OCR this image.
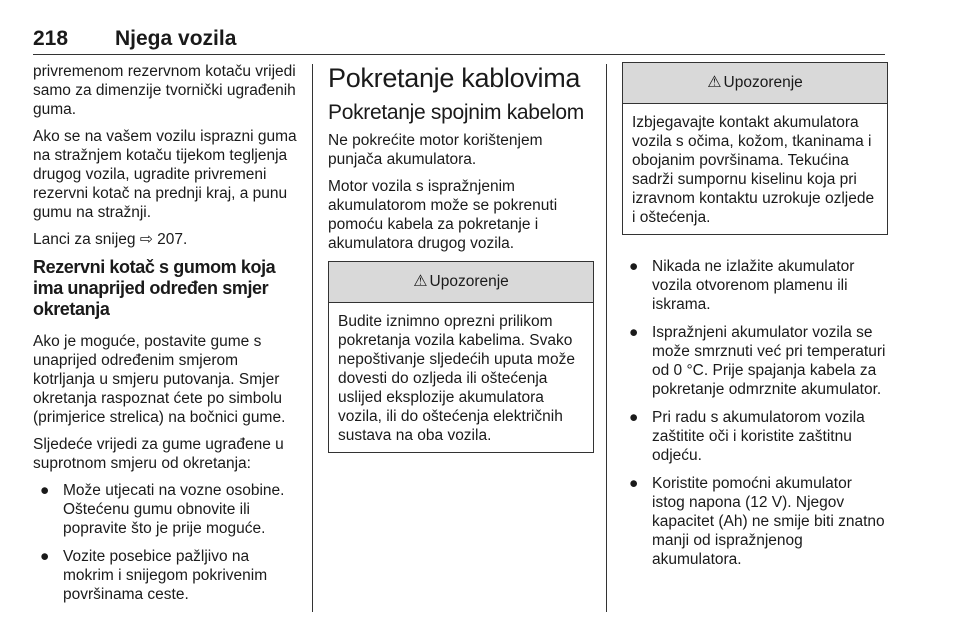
218 Njega vozila

privremenom rezervnom kotaču vrijedi samo za dimenzije tvornički ugrađenih guma.

Ako se na vašem vozilu isprazni guma na stražnjem kotaču tijekom tegljenja drugog vozila, ugradite privremeni rezervni kotač na prednji kraj, a punu gumu na stražnji.

Lanci za snijeg ⇨ 207.

Rezervni kotač s gumom koja ima unaprijed određen smjer okretanja

Ako je moguće, postavite gume s unaprijed određenim smjerom kotrljanja u smjeru putovanja. Smjer okretanja raspoznat ćete po simbolu (primjerice strelica) na bočnici gume.

Sljedeće vrijedi za gume ugrađene u suprotnom smjeru od okretanja:

● Može utjecati na vozne osobine. Oštećenu gumu obnovite ili popravite što je prije moguće.
● Vozite posebice pažljivo na mokrim i snijegom pokrivenim površinama ceste.
Pokretanje kablovima
Pokretanje spojnim kabelom

Ne pokrećite motor korištenjem punjača akumulatora.

Motor vozila s ispražnjenim akumulatorom može se pokrenuti pomoću kabela za pokretanje i akumulatora drugog vozila.

⚠ Upozorenje

Budite iznimno oprezni prilikom pokretanja vozila kabelima. Svako nepoštivanje sljedećih uputa može dovesti do ozljeda ili oštećenja uslijed eksplozije akumulatora vozila, ili do oštećenja električnih sustava na oba vozila.

⚠ Upozorenje

Izbjegavajte kontakt akumulatora vozila s očima, kožom, tkaninama i obojanim površinama. Tekućina sadrži sumpornu kiselinu koja pri izravnom kontaktu uzrokuje ozljede i oštećenja.

● Nikada ne izlažite akumulator vozila otvorenom plamenu ili iskrama.
● Ispražnjeni akumulator vozila se može smrznuti već pri temperaturi od 0 °C. Prije spajanja kabela za pokretanje odmrznite akumulator.
● Pri radu s akumulatorom vozila zaštitite oči i koristite zaštitnu odjeću.
● Koristite pomoćni akumulator istog napona (12 V). Njegov kapacitet (Ah) ne smije biti znatno manji od ispražnjenog akumulatora.
